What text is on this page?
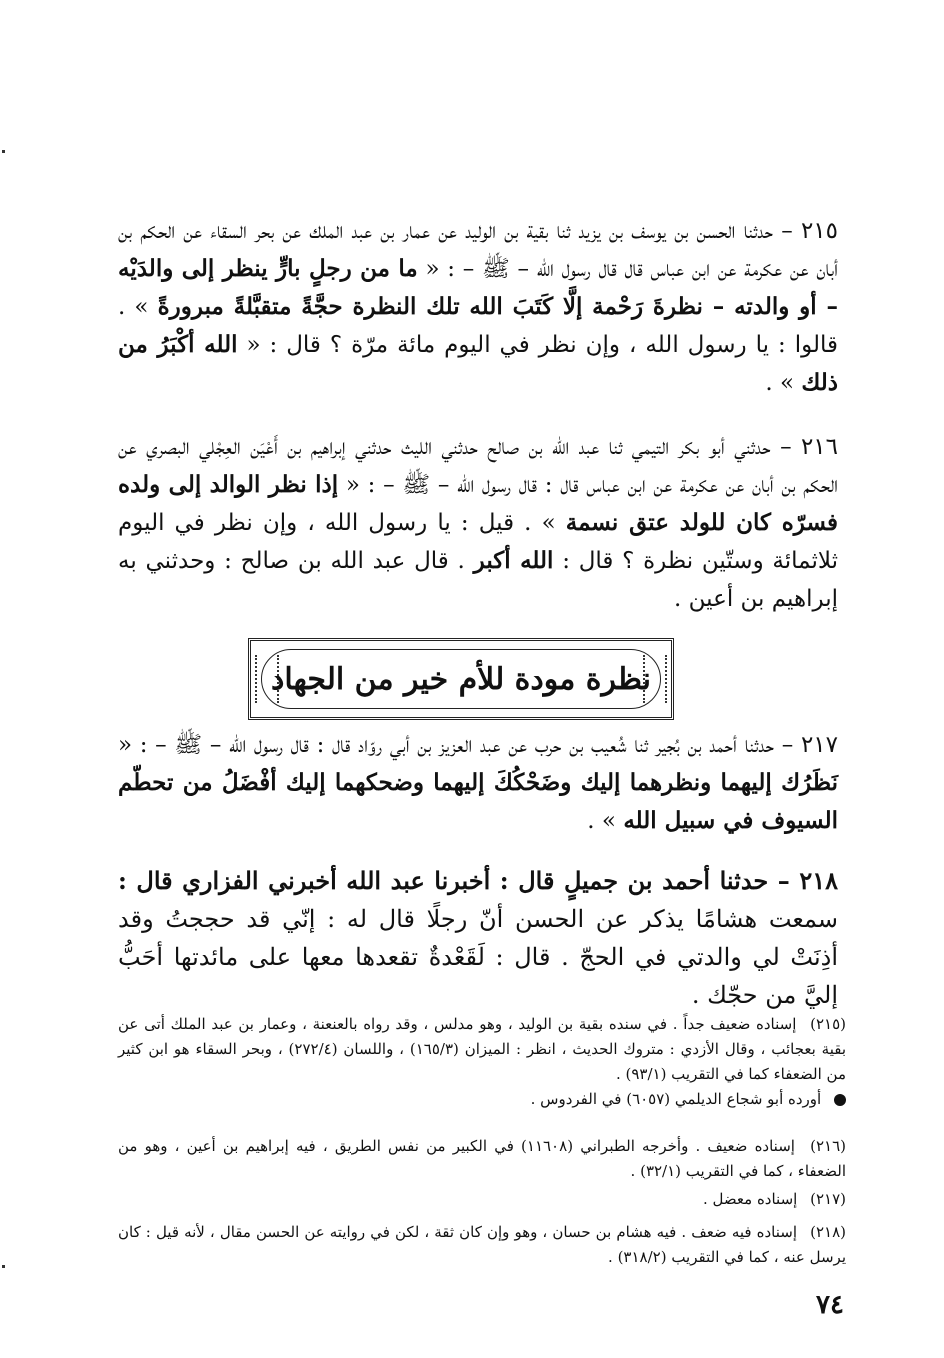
٢١٥ – حدثنا الحسن بن يوسف بن يزيد ثنا بقية بن الوليد عن عمار بن عبد الملك عن بحر السقاء عن الحكم بن أبان عن عكرمة عن ابن عباس قال قال رسول الله – ﷺ – : « ما من رجلٍ بارٍّ ينظر إلى والدَيْه – أو والدته – نظرةَ رَحْمة إلَّا كَتَبَ الله تلك النظرة حجَّةً متقبَّلةً مبرورةً » . قالوا : يا رسول الله ، وإن نظر في اليوم مائة مرّة ؟ قال : « الله أكْبَرُ من ذلك » .
٢١٦ – حدثني أبو بكر التيمي ثنا عبد الله بن صالح حدثني الليث حدثني إبراهيم بن أَعْيَن العِجْلي البصري عن الحكم بن أبان عن عكرمة عن ابن عباس قال : قال رسول الله – ﷺ – : « إذا نظر الوالد إلى ولده فسرّه كان للولد عتق نسمة » . قيل : يا رسول الله ، وإن نظر في اليوم ثلاثمائة وستّين نظرة ؟ قال : الله أكبر . قال عبد الله بن صالح : وحدثني به إبراهيم بن أعين .
نظرة مودة للأم خير من الجهاد
٢١٧ – حدثنا أحمد بن بُجير ثنا شُعيب بن حرب عن عبد العزيز بن أبي روّاد قال : قال رسول الله – ﷺ – : « نَظَرُك إليهما ونظرهما إليك وضَحْكُكَ إليهما وضحكهما إليك أفْضَلُ من تحطّم السيوف في سبيل الله » .
٢١٨ – حدثنا أحمد بن جميلٍ قال : أخبرنا عبد الله أخبرني الفزاري قال : سمعت هشامًا يذكر عن الحسن أنّ رجلًا قال له : إنّي قد حججتُ وقد أذِنَتْ لي والدتي في الحجّ . قال : لَقَعْدةٌ تقعدها معها على مائدتها أحَبُّ إليَّ من حجّك .
(٢١٥) إسناده ضعيف جداً . في سنده بقية بن الوليد ، وهو مدلس ، وقد رواه بالعنعنة ، وعمار بن عبد الملك أتى عن بقية بعجائب ، وقال الأزدي : متروك الحديث ، انظر : الميزان (١٦٥/٣) ، واللسان (٢٧٢/٤) ، وبحر السقاء هو ابن كثير من الضعفاء كما في التقريب (٩٣/١) .
أورده أبو شجاع الديلمي (٦٠٥٧) في الفردوس .
(٢١٦) إسناده ضعيف . وأخرجه الطبراني (١١٦٠٨) في الكبير من نفس الطريق ، فيه إبراهيم بن أعين ، وهو من الضعفاء ، كما في التقريب (٣٢/١) .
(٢١٧) إسناده معضل .
(٢١٨) إسناده فيه ضعف . فيه هشام بن حسان ، وهو وإن كان ثقة ، لكن في روايته عن الحسن مقال ، لأنه قيل : كان يرسل عنه ، كما في التقريب (٣١٨/٢) .
٧٤
